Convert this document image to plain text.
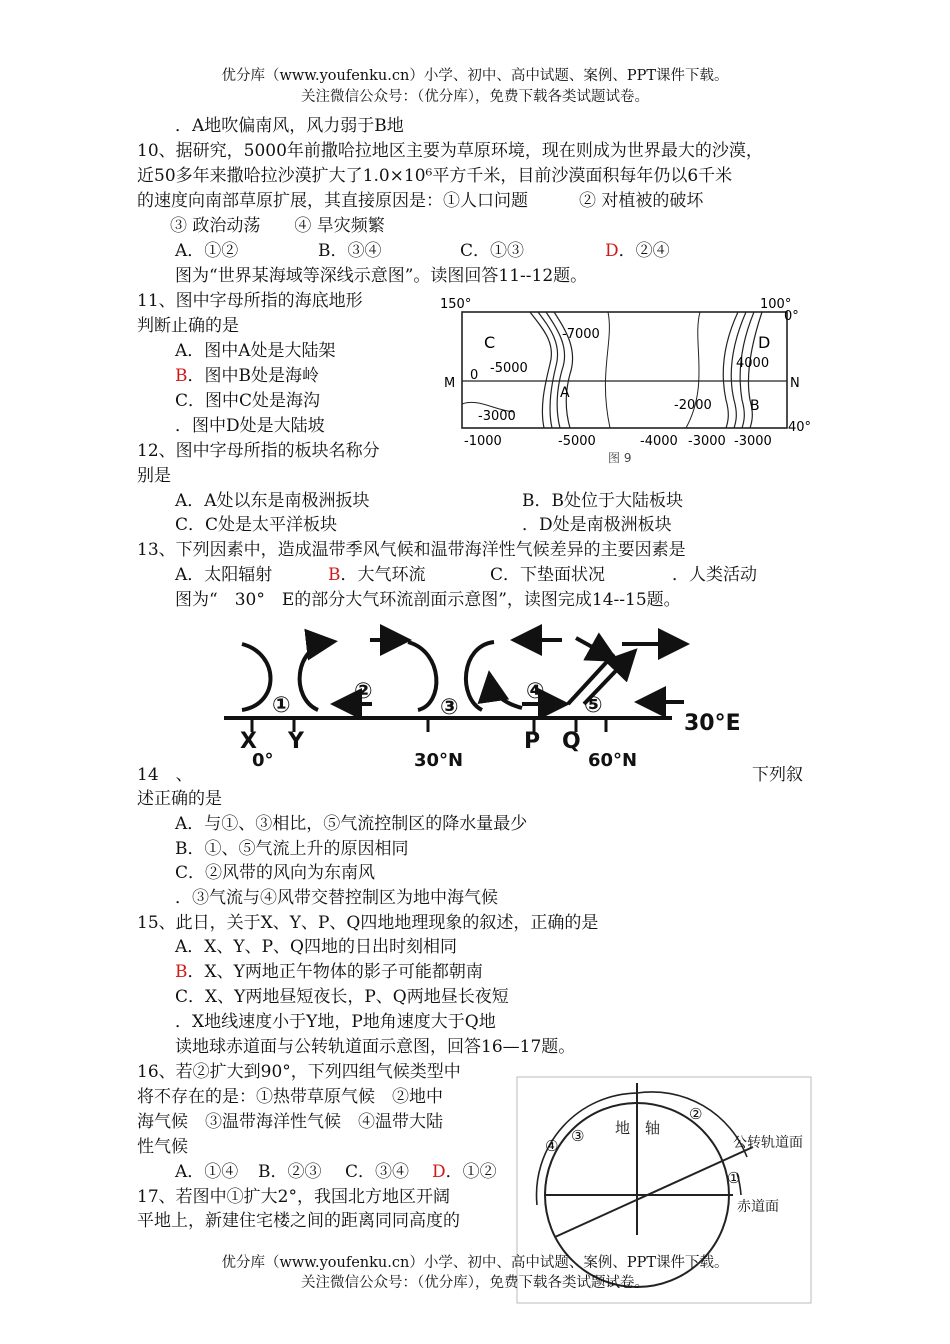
优分库（www.youfenku.cn）小学、初中、高中试题、案例、PPT课件下载。
关注微信公众号：（优分库），免费下载各类试题试卷。
．A地吹偏南风，风力弱于B地
10、据研究，5000年前撒哈拉地区主要为草原环境，现在则成为世界最大的沙漠，
近50多年来撒哈拉沙漠扩大了1.0×10⁶平方千米，目前沙漠面积每年仍以6千米
的速度向南部草原扩展，其直接原因是：①人口问题　　　② 对植被的破坏
③ 政治动荡　　④ 旱灾频繁
A．①②	B．③④	C．①③	D．②④
图为“世界某海域等深线示意图”。读图回答11--12题。
11、图中字母所指的海底地形
判断止确的是
A．图中A处是大陆架
B．图中B处是海岭
C．图中C处是海沟
．图中D处是大陆坡
12、图中字母所指的板块名称分
别是
A．A处以东是南极洲扳块	B．B处位于大陆板块
C．C处是太平洋板块	．D处是南极洲板块
150°	100°
0°
40°
M	N
C	D
A
B
-7000
-5000
0
-3000
4000
-2000
-1000	-5000	-4000 -3000 -3000
图 9
13、下列因素中，造成温带季风气候和温带海洋性气候差异的主要因素是
A．太阳辐射	B．大气环流	C．下垫面状况	．人类活动
图为“　30°　E的部分大气环流剖面示意图”，读图完成14--15题。
①
②
③
④
⑤
X Y	P Q
30°E
0°	30°N	60°N
14　、	下列叙
述正确的是
A．与①、③相比，⑤气流控制区的降水量最少
B．①、⑤气流上升的原因相同
C．②风带的风向为东南风
．③气流与④风带交替控制区为地中海气候
15、此日，关于X、Y、P、Q四地地理现象的叙述，正确的是
A．X、Y、P、Q四地的日出时刻相同
B．X、Y两地正午物体的影子可能都朝南
C．X、Y两地昼短夜长，P、Q两地昼长夜短
．X地线速度小于Y地，P地角速度大于Q地
读地球赤道面与公转轨道面示意图，回答16—17题。
16、若②扩大到90°，下列四组气候类型中
将不存在的是：①热带草原气候　②地中
海气候　③温带海洋性气候　④温带大陆
性气候
A．①④ B．②③ C．③④ D．①②
17、若图中①扩大2°，我国北方地区开阔
平地上，新建住宅楼之间的距离同同高度的
地　轴
公转轨道面
赤道面
①
②
③
④
优分库（www.youfenku.cn）小学、初中、高中试题、案例、PPT课件下载。
关注微信公众号：（优分库），免费下载各类试题试卷。
